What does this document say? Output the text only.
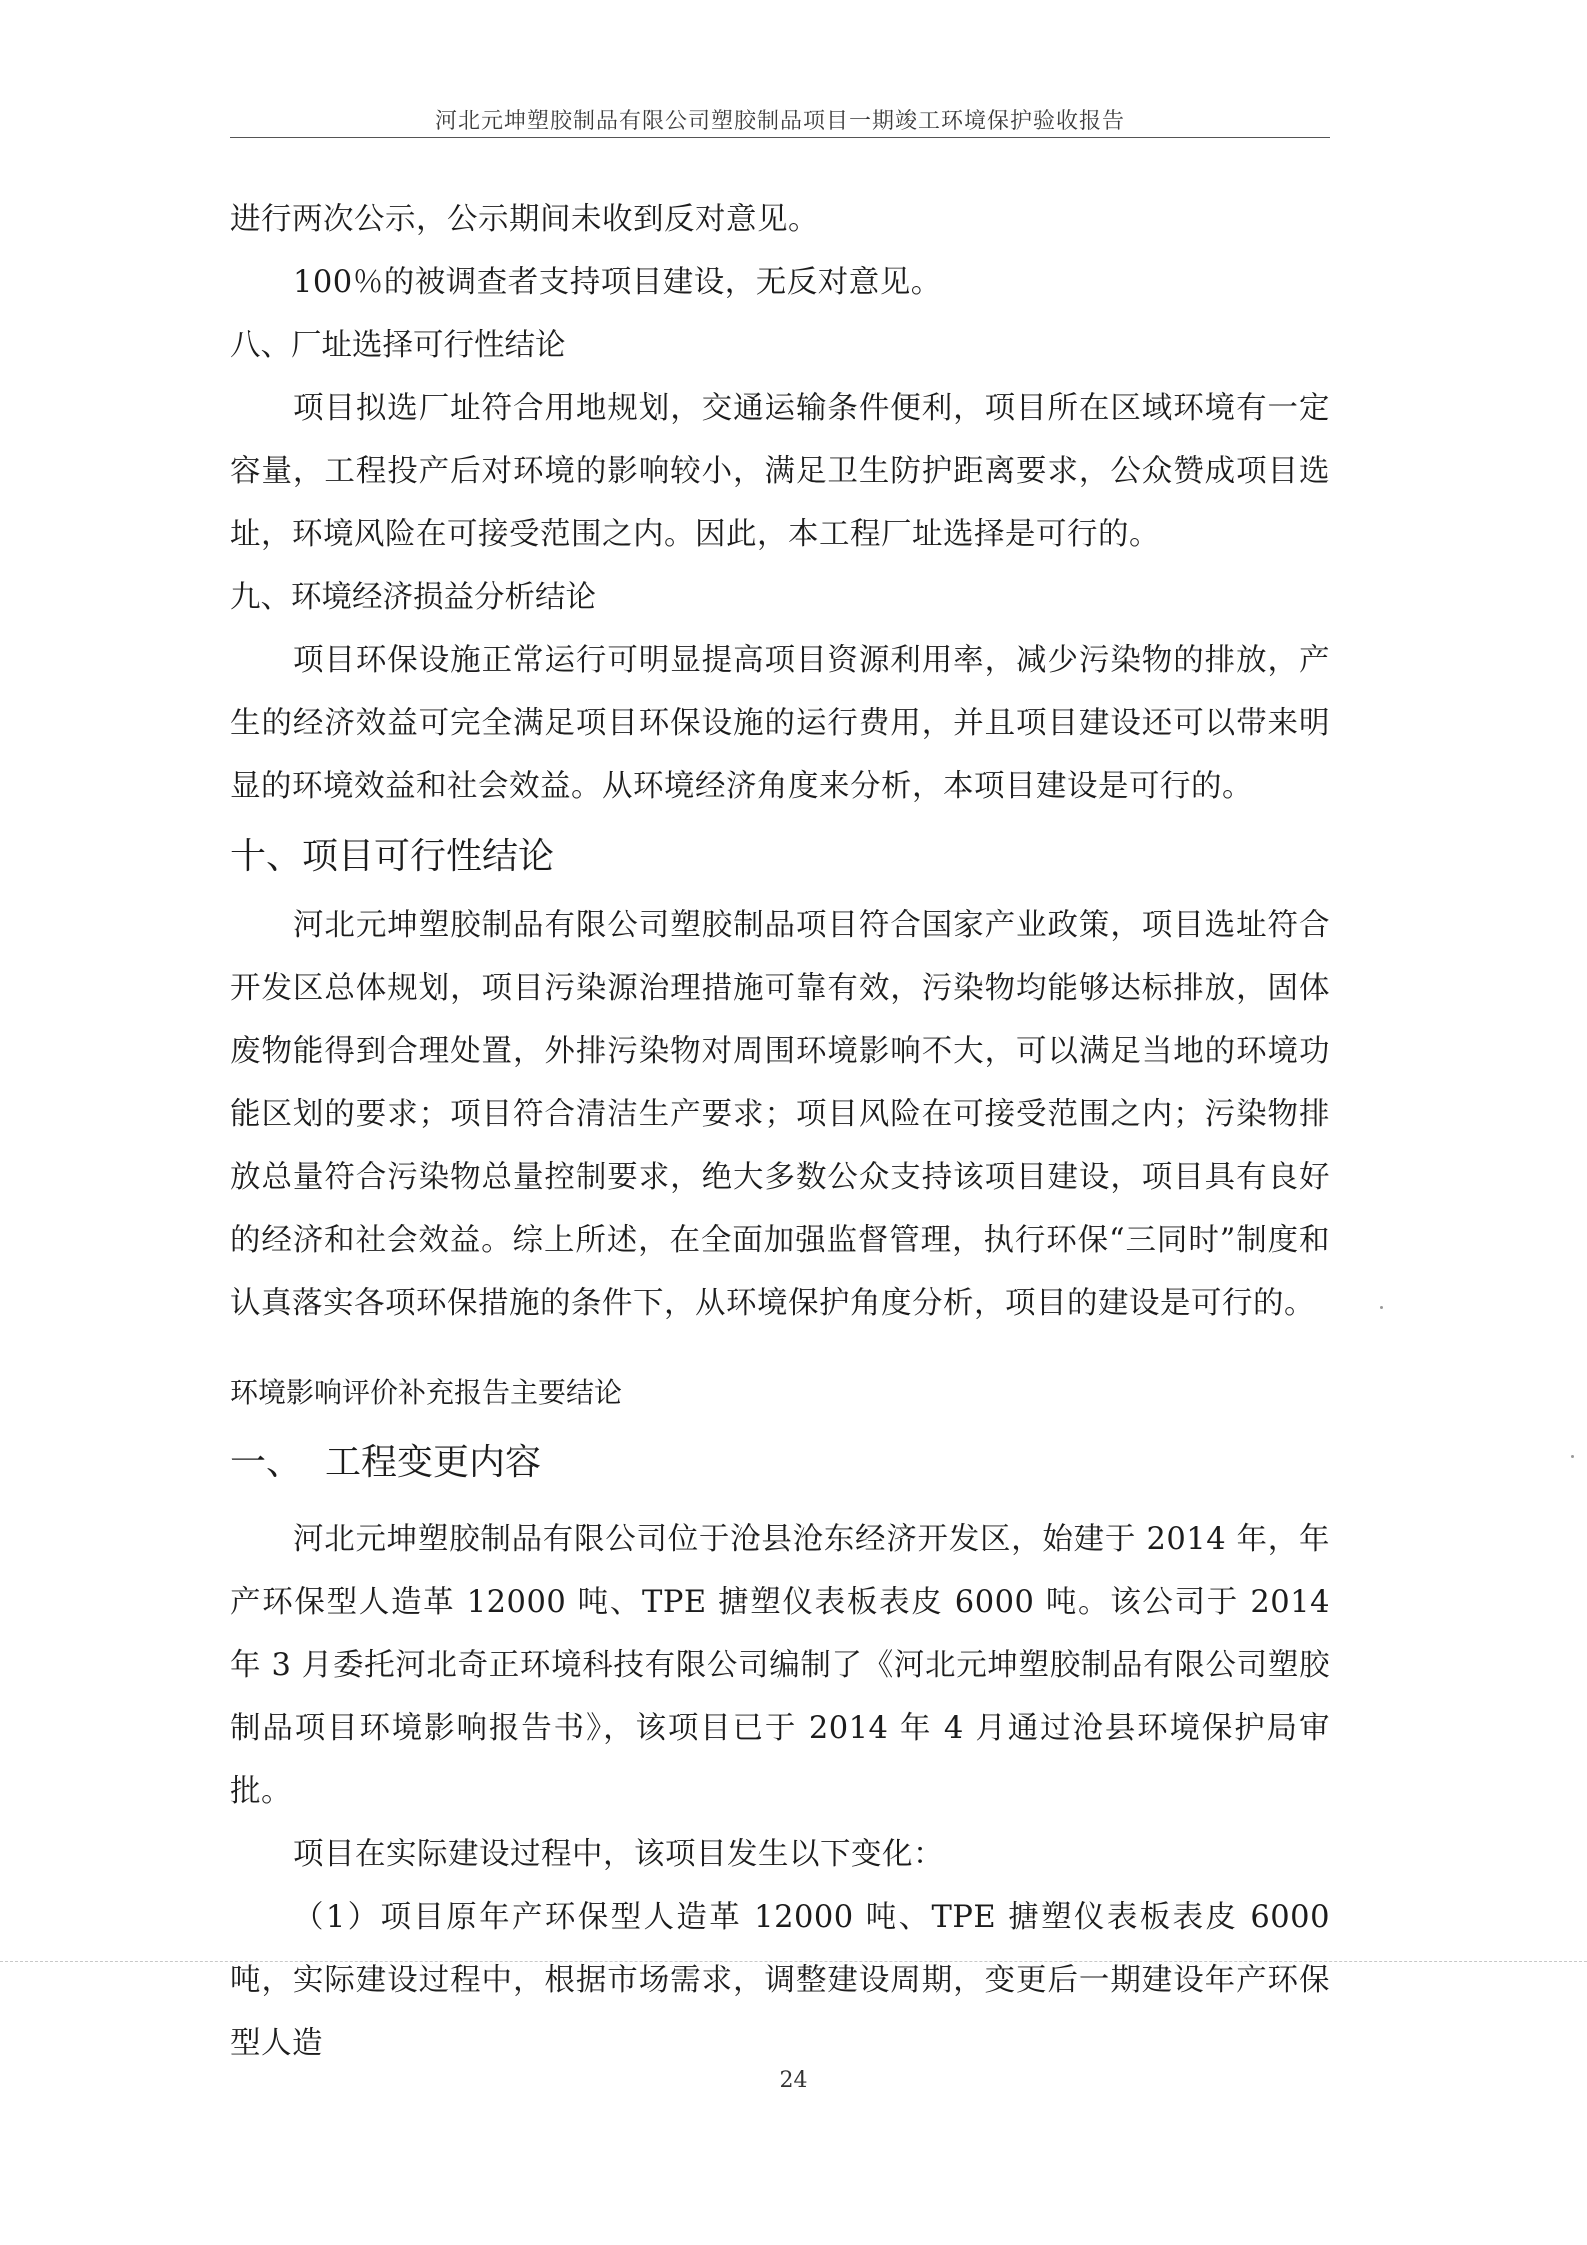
河北元坤塑胶制品有限公司塑胶制品项目一期竣工环境保护验收报告

进行两次公示，公示期间未收到反对意见。

100％的被调查者支持项目建设，无反对意见。

八、厂址选择可行性结论

项目拟选厂址符合用地规划，交通运输条件便利，项目所在区域环境有一定容量，工程投产后对环境的影响较小，满足卫生防护距离要求，公众赞成项目选址，环境风险在可接受范围之内。因此，本工程厂址选择是可行的。

九、环境经济损益分析结论

项目环保设施正常运行可明显提高项目资源利用率，减少污染物的排放，产生的经济效益可完全满足项目环保设施的运行费用，并且项目建设还可以带来明显的环境效益和社会效益。从环境经济角度来分析，本项目建设是可行的。

十、项目可行性结论

河北元坤塑胶制品有限公司塑胶制品项目符合国家产业政策，项目选址符合开发区总体规划，项目污染源治理措施可靠有效，污染物均能够达标排放，固体废物能得到合理处置，外排污染物对周围环境影响不大，可以满足当地的环境功能区划的要求；项目符合清洁生产要求；项目风险在可接受范围之内；污染物排放总量符合污染物总量控制要求，绝大多数公众支持该项目建设，项目具有良好的经济和社会效益。综上所述，在全面加强监督管理，执行环保“三同时”制度和认真落实各项环保措施的条件下，从环境保护角度分析，项目的建设是可行的。

环境影响评价补充报告主要结论

一、 工程变更内容

河北元坤塑胶制品有限公司位于沧县沧东经济开发区，始建于 2014 年，年产环保型人造革 12000 吨、TPE 搪塑仪表板表皮 6000 吨。该公司于 2014 年 3 月委托河北奇正环境科技有限公司编制了《河北元坤塑胶制品有限公司塑胶制品项目环境影响报告书》，该项目已于 2014 年 4 月通过沧县环境保护局审批。

项目在实际建设过程中，该项目发生以下变化：

（1）项目原年产环保型人造革 12000 吨、TPE 搪塑仪表板表皮 6000 吨，实际建设过程中，根据市场需求，调整建设周期，变更后一期建设年产环保型人造

24
